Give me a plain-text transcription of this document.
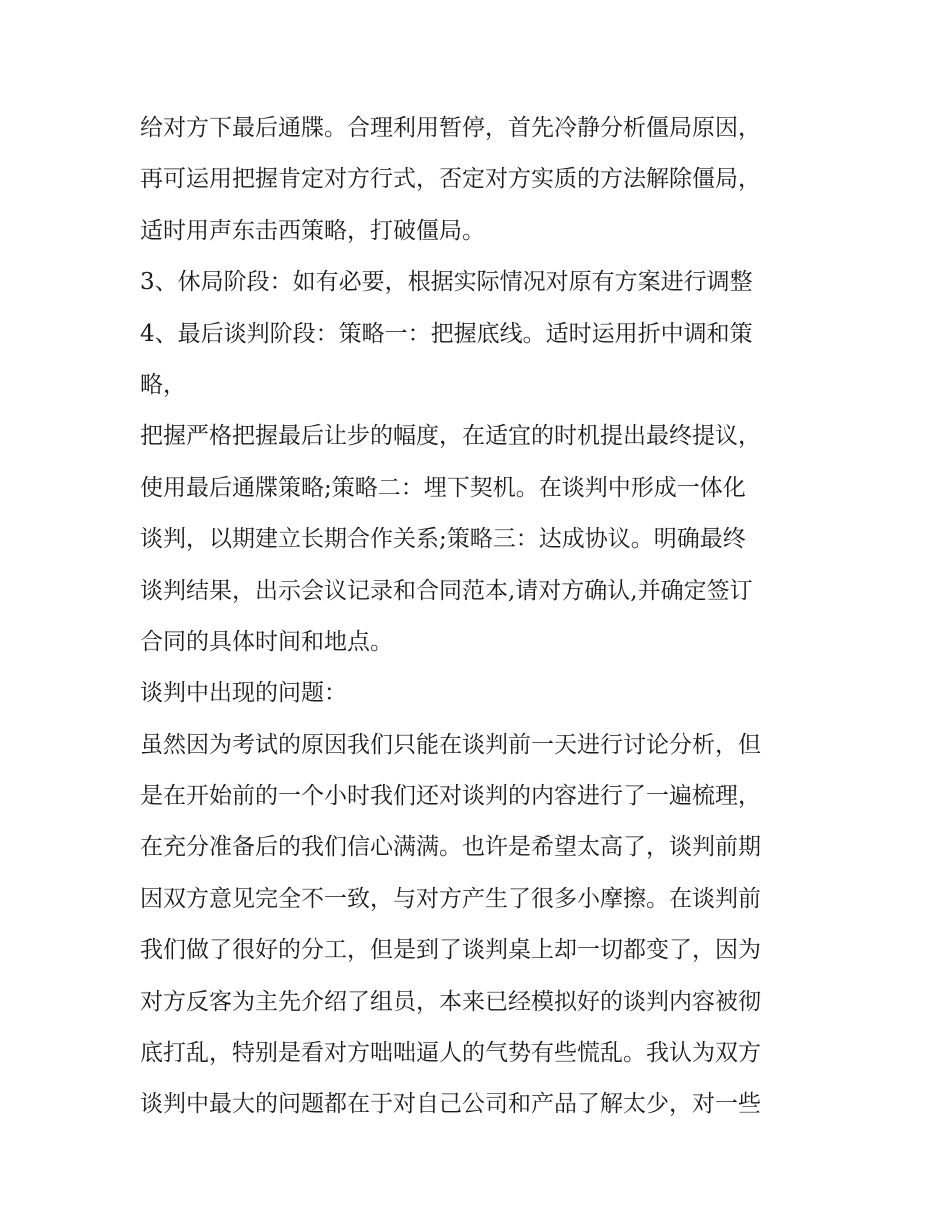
给对方下最后通牒。合理利用暂停，首先冷静分析僵局原因，
再可运用把握肯定对方行式，否定对方实质的方法解除僵局，
适时用声东击西策略，打破僵局。
3、休局阶段：如有必要，根据实际情况对原有方案进行调整
4、最后谈判阶段：策略一：把握底线。适时运用折中调和策
略，
把握严格把握最后让步的幅度，在适宜的时机提出最终提议，
使用最后通牒策略;策略二：埋下契机。在谈判中形成一体化
谈判，以期建立长期合作关系;策略三：达成协议。明确最终
谈判结果，出示会议记录和合同范本,请对方确认,并确定签订
合同的具体时间和地点。
谈判中出现的问题：
虽然因为考试的原因我们只能在谈判前一天进行讨论分析，但
是在开始前的一个小时我们还对谈判的内容进行了一遍梳理，
在充分准备后的我们信心满满。也许是希望太高了，谈判前期
因双方意见完全不一致，与对方产生了很多小摩擦。在谈判前
我们做了很好的分工，但是到了谈判桌上却一切都变了，因为
对方反客为主先介绍了组员，本来已经模拟好的谈判内容被彻
底打乱，特别是看对方咄咄逼人的气势有些慌乱。我认为双方
谈判中最大的问题都在于对自己公司和产品了解太少，对一些
